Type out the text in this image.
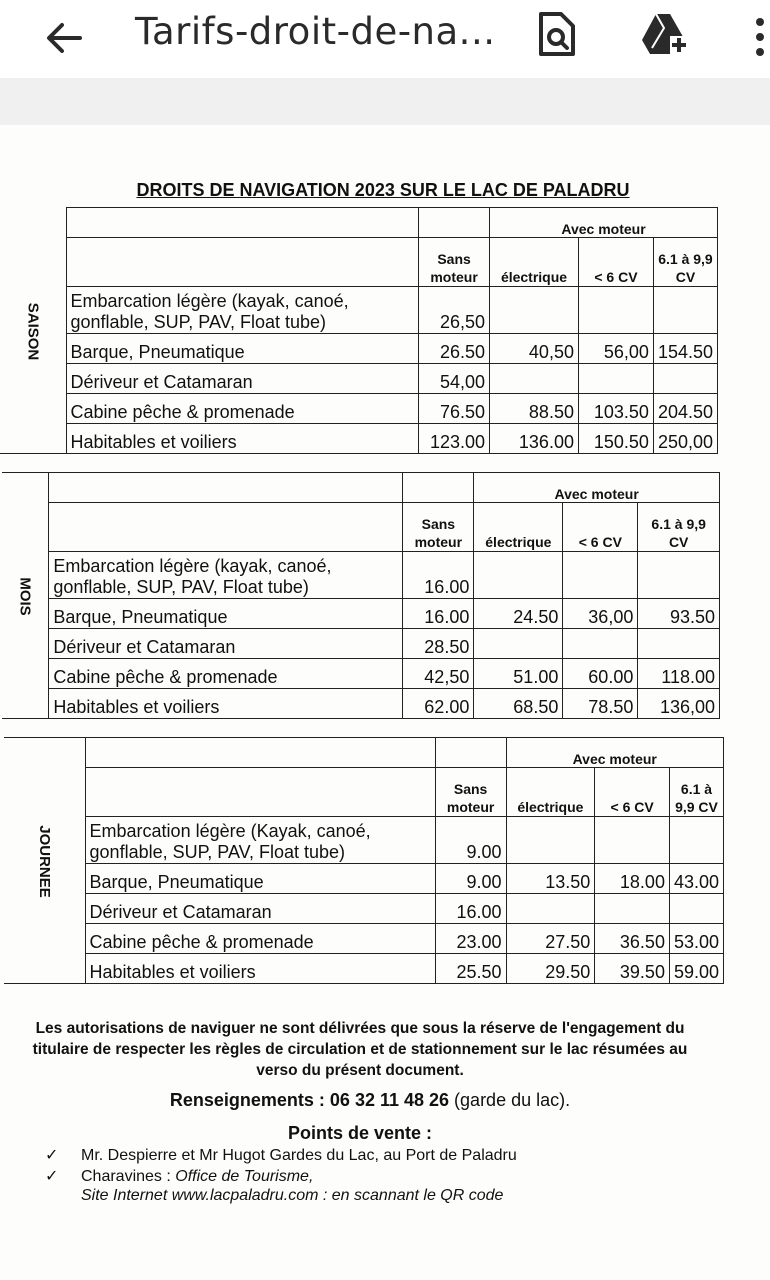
Tarifs-droit-de-na...
DROITS DE NAVIGATION 2023 SUR LE LAC DE PALADRU
SAISON			Avec moteur		
		Sans moteur	électrique	< 6 CV	6.1 à 9,9 CV
	Embarcation légère (kayak, canoé, gonflable, SUP, PAV, Float tube)	26,50			
	Barque, Pneumatique	26.50	40,50	56,00	154.50
	Dériveur et Catamaran	54,00			
	Cabine pêche & promenade	76.50	88.50	103.50	204.50
	Habitables et voiliers	123.00	136.00	150.50	250,00
MOIS			Avec moteur		
		Sans moteur	électrique	< 6 CV	6.1 à 9,9 CV
	Embarcation légère (kayak, canoé, gonflable, SUP, PAV, Float tube)	16.00			
	Barque, Pneumatique	16.00	24.50	36,00	93.50
	Dériveur et Catamaran	28.50			
	Cabine pêche & promenade	42,50	51.00	60.00	118.00
	Habitables et voiliers	62.00	68.50	78.50	136,00
JOURNEE			Avec moteur		
		Sans moteur	électrique	< 6 CV	6.1 à 9,9 CV
	Embarcation légère (Kayak, canoé, gonflable, SUP, PAV, Float tube)	9.00			
	Barque, Pneumatique	9.00	13.50	18.00	43.00
	Dériveur et Catamaran	16.00			
	Cabine pêche & promenade	23.00	27.50	36.50	53.00
	Habitables et voiliers	25.50	29.50	39.50	59.00
Les autorisations de naviguer ne sont délivrées que sous la réserve de l'engagement du titulaire de respecter les règles de circulation et de stationnement sur le lac résumées au verso du présent document.
Renseignements : 06 32 11 48 26 (garde du lac).
Points de vente :
✓ Mr. Despierre et Mr Hugot Gardes du Lac, au Port de Paladru
✓ Charavines : Office de Tourisme,
Site Internet www.lacpaladru.com : en scannant le QR code
